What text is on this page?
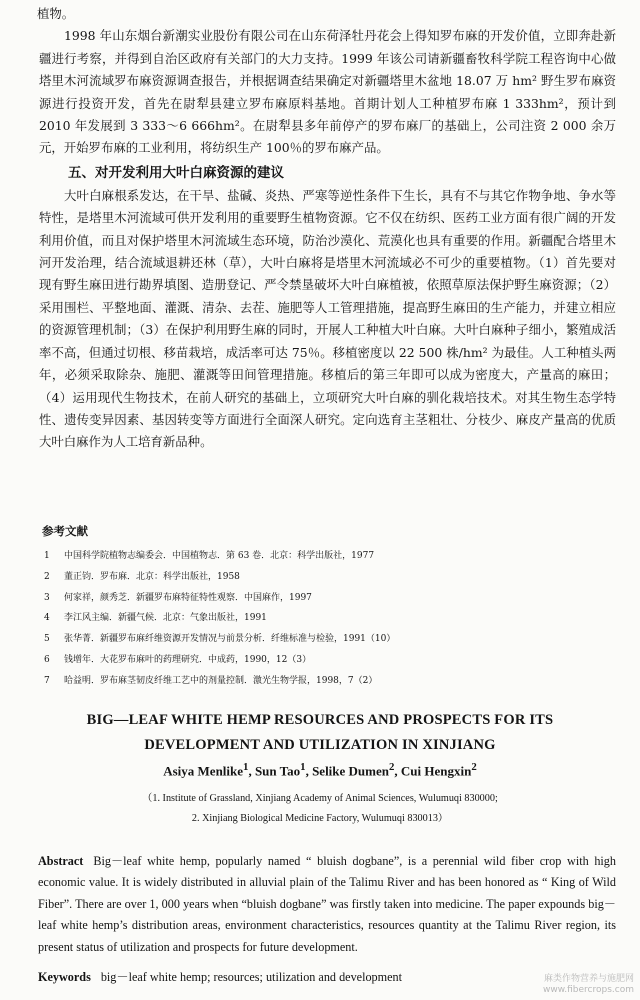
植物。

1998 年山东烟台新潮实业股份有限公司在山东荷泽牡丹花会上得知罗布麻的开发价值，立即奔赴新疆进行考察，并得到自治区政府有关部门的大力支持。1999 年该公司请新疆畜牧科学院工程咨询中心做塔里木河流域罗布麻资源调查报告，并根据调查结果确定对新疆塔里木盆地 18.07 万 hm² 野生罗布麻资源进行投资开发，首先在尉犁县建立罗布麻原料基地。首期计划人工种植罗布麻 1 333hm²，预计到 2010 年发展到 3 333～6 666hm²。在尉犁县多年前停产的罗布麻厂的基础上，公司注资 2 000 余万元，开始罗布麻的工业利用，将纺织生产 100％的罗布麻产品。

五、对开发利用大叶白麻资源的建议

大叶白麻根系发达，在干旱、盐碱、炎热、严寒等逆性条件下生长，具有不与其它作物争地、争水等特性，是塔里木河流域可供开发利用的重要野生植物资源。它不仅在纺织、医药工业方面有很广阔的开发利用价值，而且对保护塔里木河流域生态环境，防治沙漠化、荒漠化也具有重要的作用。新疆配合塔里木河开发治理，结合流域退耕还林（草），大叶白麻将是塔里木河流域必不可少的重要植物。（1）首先要对现有野生麻田进行勘界填图、造册登记、严令禁垦破坏大叶白麻植被，依照草原法保护野生麻资源；（2）采用围栏、平整地面、灌溉、清杂、去茬、施肥等人工管理措施，提高野生麻田的生产能力，并建立相应的资源管理机制；（3）在保护利用野生麻的同时，开展人工种植大叶白麻。大叶白麻种子细小，繁殖成活率不高，但通过切根、移苗栽培，成活率可达 75％。移植密度以 22 500 株/hm² 为最佳。人工种植头两年，必须采取除杂、施肥、灌溉等田间管理措施。移植后的第三年即可以成为密度大，产量高的麻田；（4）运用现代生物技术，在前人研究的基础上，立项研究大叶白麻的驯化栽培技术。对其生物生态学特性、遗传变异因素、基因转变等方面进行全面深人研究。定向选育主茎粗壮、分枝少、麻皮产量高的优质大叶白麻作为人工培育新品种。

参考文献
1 中国科学院植物志编委会．中国植物志．第 63 卷．北京：科学出版社，1977
2 董正钧．罗布麻．北京：科学出版社，1958
3 何家祥，颜秀芝．新疆罗布麻特征特性观察．中国麻作，1997
4 李江风主编．新疆气候．北京：气象出版社，1991
5 张华菁．新疆罗布麻纤维资源开发情况与前景分析．纤维标准与检验，1991（10）
6 钱增年．大花罗布麻叶的药理研究．中成药，1990，12（3）
7 哈益明．罗布麻茎韧皮纤维工艺中的剂量控制．激光生物学报，1998，7（2）
BIG—LEAF WHITE HEMP RESOURCES AND PROSPECTS FOR ITS
DEVELOPMENT AND UTILIZATION IN XINJIANG
Asiya Menlike$^1$, Sun Tao$^1$, Selike Dumen$^2$, Cui Hengxin$^2$
（1. Institute of Grassland, Xinjiang Academy of Animal Sciences, Wulumuqi 830000;
2. Xinjiang Biological Medicine Factory, Wulumuqi 830013）
Abstract Big－leaf white hemp, popularly named “ bluish dogbane”, is a perennial wild fiber crop with high economic value. It is widely distributed in alluvial plain of the Talimu River and has been honored as “ King of Wild Fiber”. There are over 1, 000 years when “bluish dogbane” was firstly taken into medicine. The paper expounds big－leaf white hemp’s distribution areas, environment characteristics, resources quantity at the Talimu River region, its present status of utilization and prospects for future development.
Keywords big－leaf white hemp; resources; utilization and development	麻类作物营养与施肥网
www.fibercrops.com
